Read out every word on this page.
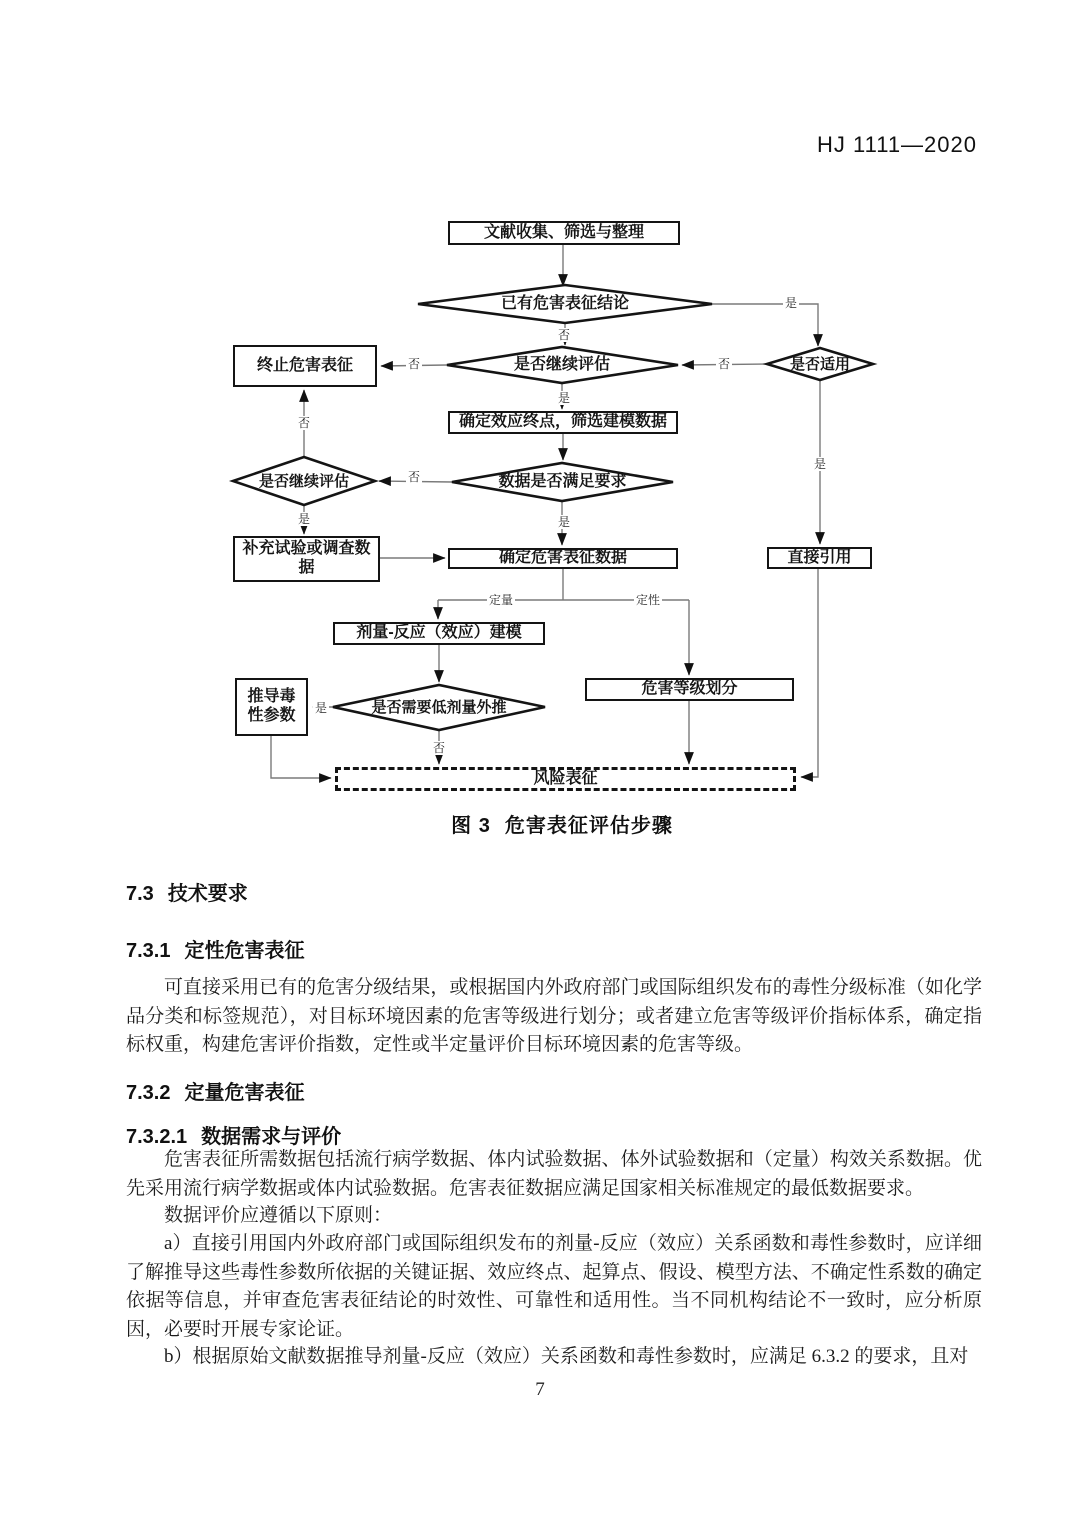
HJ 1111—2020
文献收集、筛选与整理
终止危害表征
确定效应终点，筛选建模数据
补充试验或调查数据
确定危害表征数据	直接引用
剂量-反应（效应）建模
危害等级划分
推导毒性参数
风险表征
已有危害表征结论
是否继续评估	是否适用
是否继续评估	数据是否满足要求
是否需要低剂量外推
否
是
否
否
是
否
否
是	是
是
定量	定性
是
否
图 3 危害表征评估步骤
7.3 技术要求
7.3.1 定性危害表征
可直接采用已有的危害分级结果，或根据国内外政府部门或国际组织发布的毒性分级标准（如化学品分类和标签规范），对目标环境因素的危害等级进行划分；或者建立危害等级评价指标体系，确定指标权重，构建危害评价指数，定性或半定量评价目标环境因素的危害等级。
7.3.2 定量危害表征
7.3.2.1 数据需求与评价
危害表征所需数据包括流行病学数据、体内试验数据、体外试验数据和（定量）构效关系数据。优先采用流行病学数据或体内试验数据。危害表征数据应满足国家相关标准规定的最低数据要求。
数据评价应遵循以下原则：
a）直接引用国内外政府部门或国际组织发布的剂量-反应（效应）关系函数和毒性参数时，应详细了解推导这些毒性参数所依据的关键证据、效应终点、起算点、假设、模型方法、不确定性系数的确定依据等信息，并审查危害表征结论的时效性、可靠性和适用性。当不同机构结论不一致时，应分析原因，必要时开展专家论证。
b）根据原始文献数据推导剂量-反应（效应）关系函数和毒性参数时，应满足 6.3.2 的要求，且对
7
